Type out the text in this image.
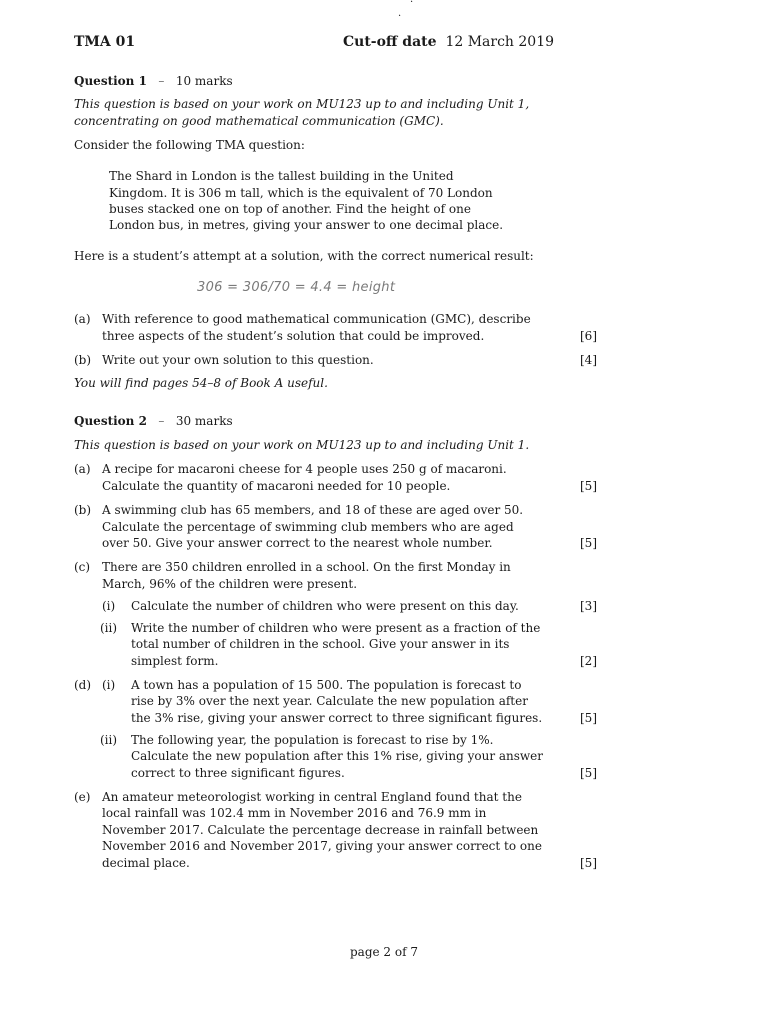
.
TMA 01	Cut-off date 12 March 2019
Question 1 – 10 marks
This question is based on your work on MU123 up to and including Unit 1,
concentrating on good mathematical communication (GMC).
Consider the following TMA question:
The Shard in London is the tallest building in the United
Kingdom. It is 306 m tall, which is the equivalent of 70 London
buses stacked one on top of another. Find the height of one
London bus, in metres, giving your answer to one decimal place.
Here is a student’s attempt at a solution, with the correct numerical result:
306 = 306/70 = 4.4 = height
(a) With reference to good mathematical communication (GMC), describe
three aspects of the student’s solution that could be improved.	[6]
(b) Write out your own solution to this question.	[4]
You will find pages 54–8 of Book A useful.
Question 2 – 30 marks
This question is based on your work on MU123 up to and including Unit 1.
(a) A recipe for macaroni cheese for 4 people uses 250 g of macaroni.
Calculate the quantity of macaroni needed for 10 people.	[5]
(b) A swimming club has 65 members, and 18 of these are aged over 50.
Calculate the percentage of swimming club members who are aged
over 50. Give your answer correct to the nearest whole number.	[5]
(c) There are 350 children enrolled in a school. On the first Monday in
March, 96% of the children were present.
(i) Calculate the number of children who were present on this day.	[3]
(ii) Write the number of children who were present as a fraction of the
total number of children in the school. Give your answer in its
simplest form.	[2]
(d) (i) A town has a population of 15 500. The population is forecast to
rise by 3% over the next year. Calculate the new population after
the 3% rise, giving your answer correct to three significant figures.	[5]
(ii) The following year, the population is forecast to rise by 1%.
Calculate the new population after this 1% rise, giving your answer
correct to three significant figures.	[5]
(e) An amateur meteorologist working in central England found that the
local rainfall was 102.4 mm in November 2016 and 76.9 mm in
November 2017. Calculate the percentage decrease in rainfall between
November 2016 and November 2017, giving your answer correct to one
decimal place.	[5]
page 2 of 7
